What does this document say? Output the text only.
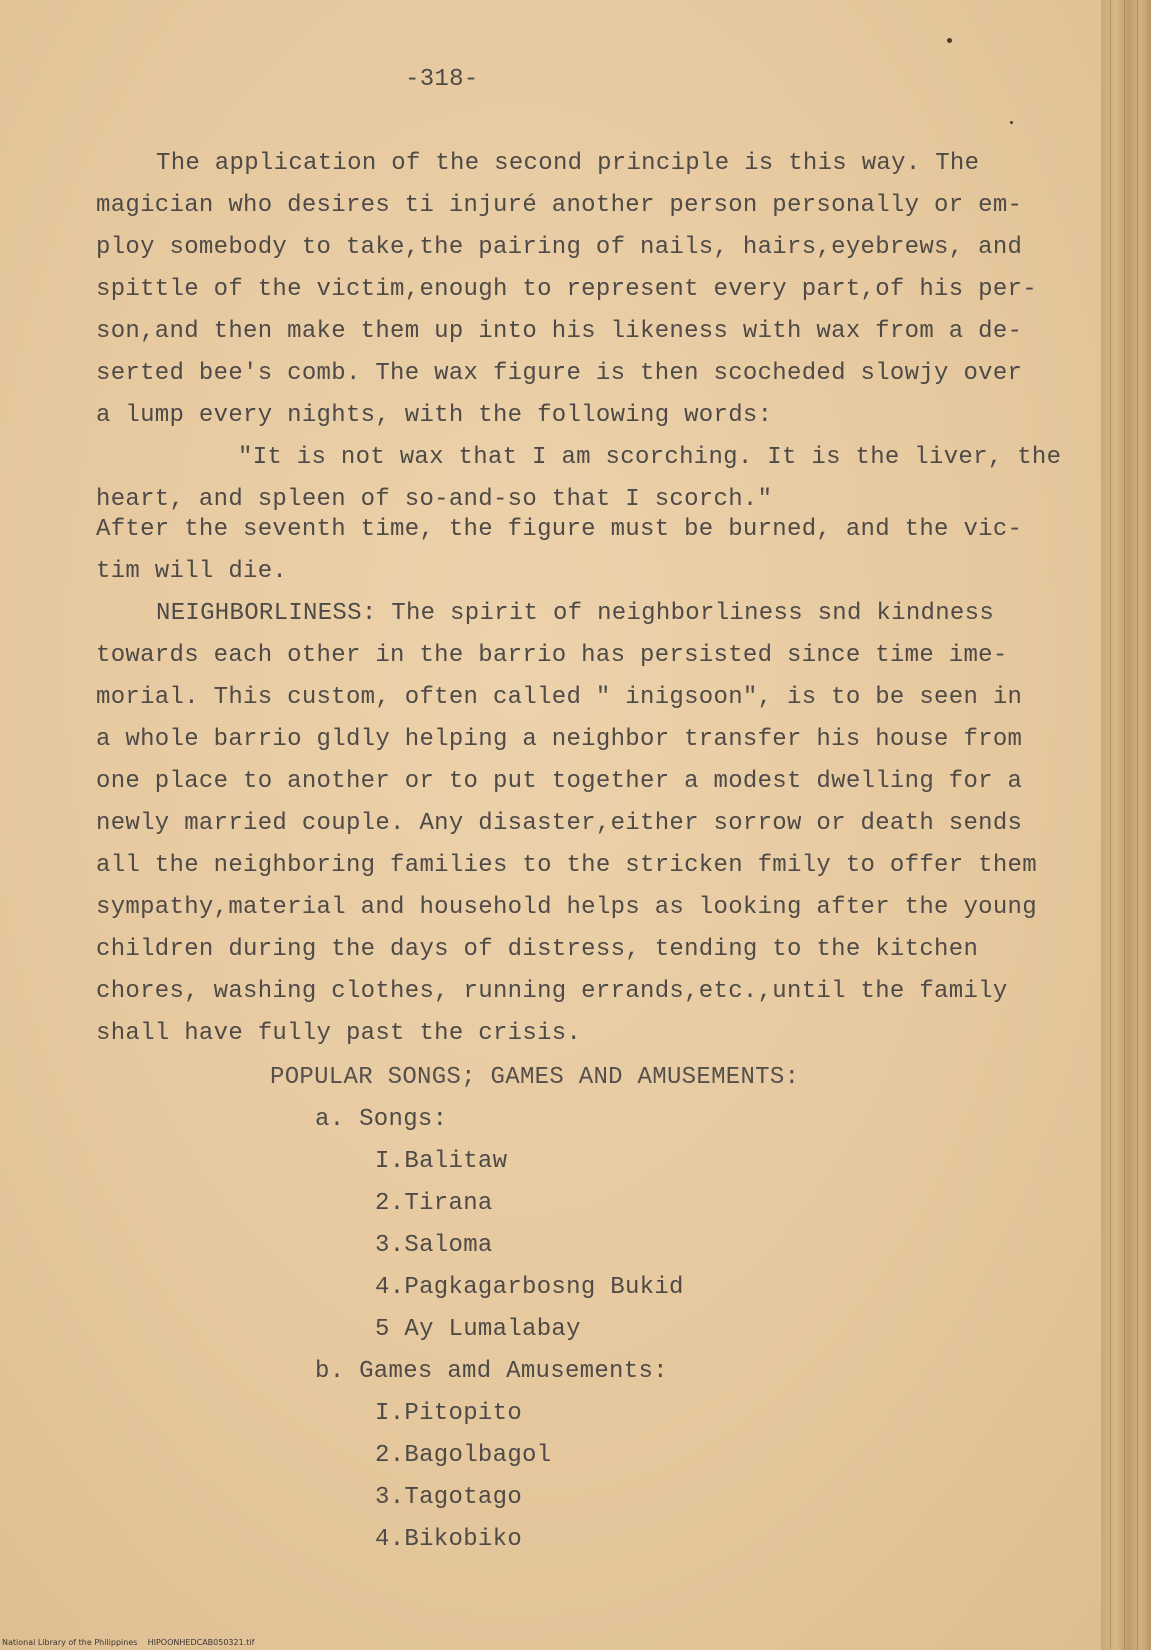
-318-
The application of the second principle is this way. The
magician who desires ti injuré another person personally or em-
ploy somebody to take,the pairing of nails, hairs,eyebrews, and
spittle of the victim,enough to represent every part,of his per-
son,and then make them up into his likeness with wax from a de-
serted bee's comb. The wax figure is then scocheded slowjy over
a lump every nights, with the following words:
"It is not wax that I am scorching. It is the liver, the
heart, and spleen of so-and-so that I scorch."
After the seventh time, the figure must be burned, and the vic-
tim will die.
NEIGHBORLINESS: The spirit of neighborliness snd kindness
towards each other in the barrio has persisted since time ime-
morial. This custom, often called " inigsoon", is to be seen in
a whole barrio gldly helping a neighbor transfer his house from
one place to another or to put together a modest dwelling for a
newly married couple. Any disaster,either sorrow or death sends
all the neighboring families to the stricken fmily to offer them
sympathy,material and household helps as looking after the young
children during the days of distress, tending to the kitchen
chores, washing clothes, running errands,etc.,until the family
shall have fully past the crisis.
POPULAR SONGS; GAMES AND AMUSEMENTS:
a. Songs:
I.Balitaw
2.Tirana
3.Saloma
4.Pagkagarbosng Bukid
5 Ay Lumalabay
b. Games amd Amusements:
I.Pitopito
2.Bagolbagol
3.Tagotago
4.Bikobiko
National Library of the Philippines    HIPOONHEDCAB050321.tif
